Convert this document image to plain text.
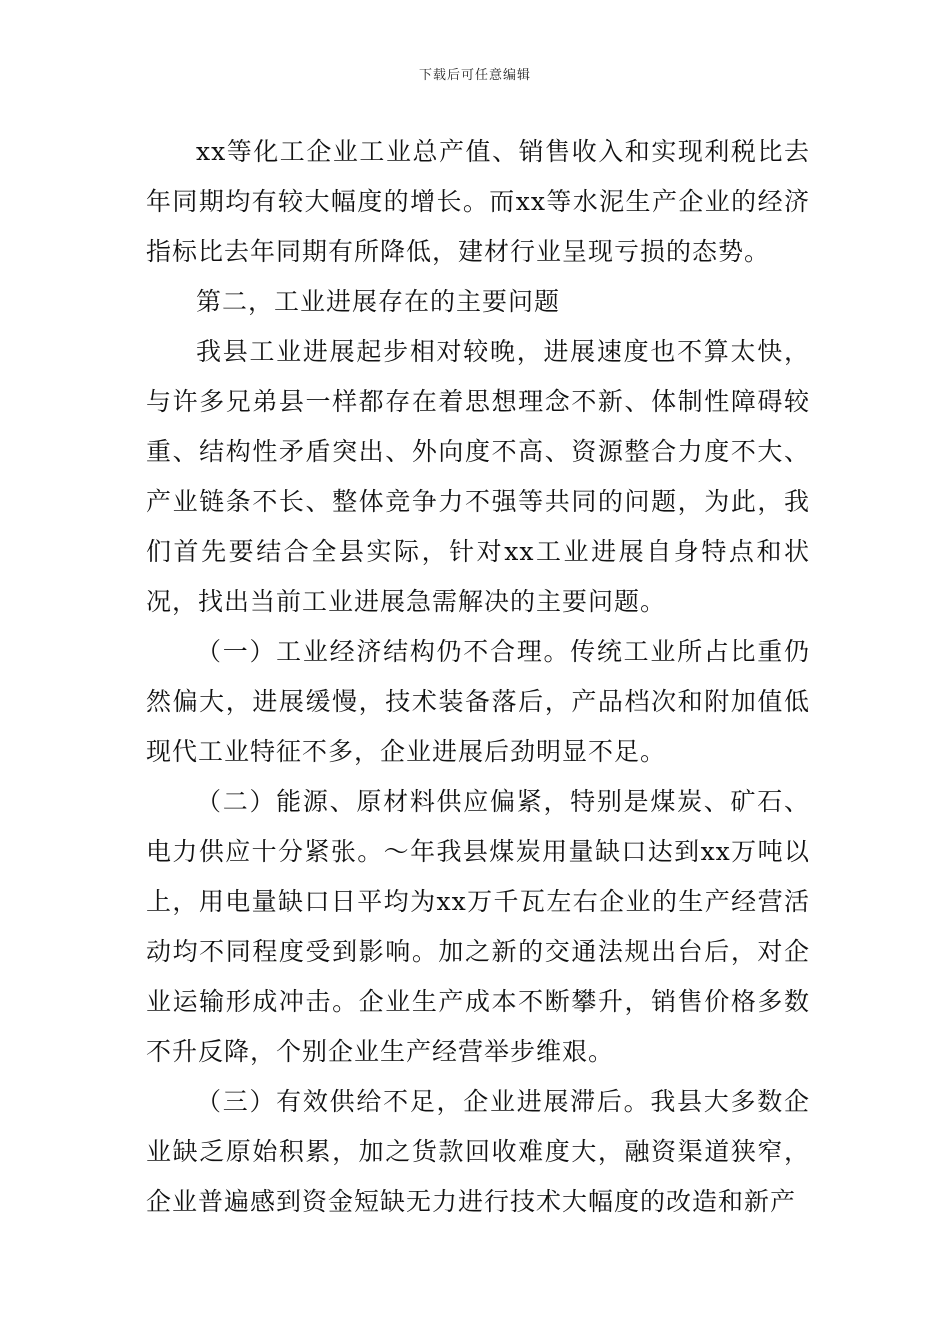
下载后可任意编辑

xx等化工企业工业总产值、销售收入和实现利税比去年同期均有较大幅度的增长。而xx等水泥生产企业的经济指标比去年同期有所降低，建材行业呈现亏损的态势。

第二，工业进展存在的主要问题

我县工业进展起步相对较晚，进展速度也不算太快，与许多兄弟县一样都存在着思想理念不新、体制性障碍较重、结构性矛盾突出、外向度不高、资源整合力度不大、产业链条不长、整体竞争力不强等共同的问题，为此，我们首先要结合全县实际，针对xx工业进展自身特点和状况，找出当前工业进展急需解决的主要问题。

（一）工业经济结构仍不合理。传统工业所占比重仍然偏大，进展缓慢，技术装备落后，产品档次和附加值低现代工业特征不多，企业进展后劲明显不足。

（二）能源、原材料供应偏紧，特别是煤炭、矿石、电力供应十分紧张。～年我县煤炭用量缺口达到xx万吨以上，用电量缺口日平均为xx万千瓦左右企业的生产经营活动均不同程度受到影响。加之新的交通法规出台后，对企业运输形成冲击。企业生产成本不断攀升，销售价格多数不升反降，个别企业生产经营举步维艰。

（三）有效供给不足，企业进展滞后。我县大多数企业缺乏原始积累，加之货款回收难度大，融资渠道狭窄，企业普遍感到资金短缺无力进行技术大幅度的改造和新产
